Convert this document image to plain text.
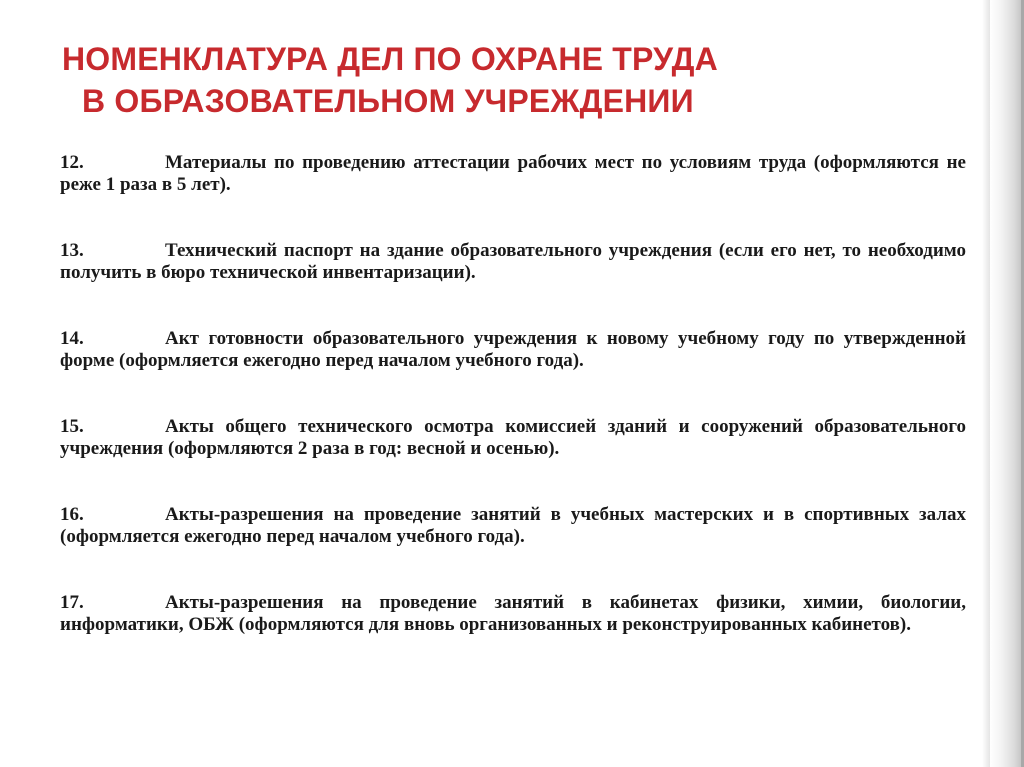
НОМЕНКЛАТУРА ДЕЛ ПО ОХРАНЕ ТРУДА
В ОБРАЗОВАТЕЛЬНОМ УЧРЕЖДЕНИИ
12.	Материалы по проведению аттестации рабочих мест по условиям труда (оформляются не реже 1 раза в 5 лет).
13.	Технический паспорт на здание образовательного учреждения (если его нет, то необходимо получить в бюро технической инвентаризации).
14.	Акт готовности образовательного учреждения к новому учебному году по утвержденной форме (оформляется ежегодно перед началом учебного года).
15.	Акты общего технического осмотра комиссией зданий и сооружений образовательного учреждения (оформляются 2 раза в год: весной и осенью).
16.	Акты-разрешения на проведение занятий в учебных мастерских и в спортивных залах (оформляется ежегодно перед началом учебного года).
17.	Акты-разрешения на проведение занятий в кабинетах физики, химии, биологии, информатики, ОБЖ (оформляются для вновь организованных и реконструированных кабинетов).
